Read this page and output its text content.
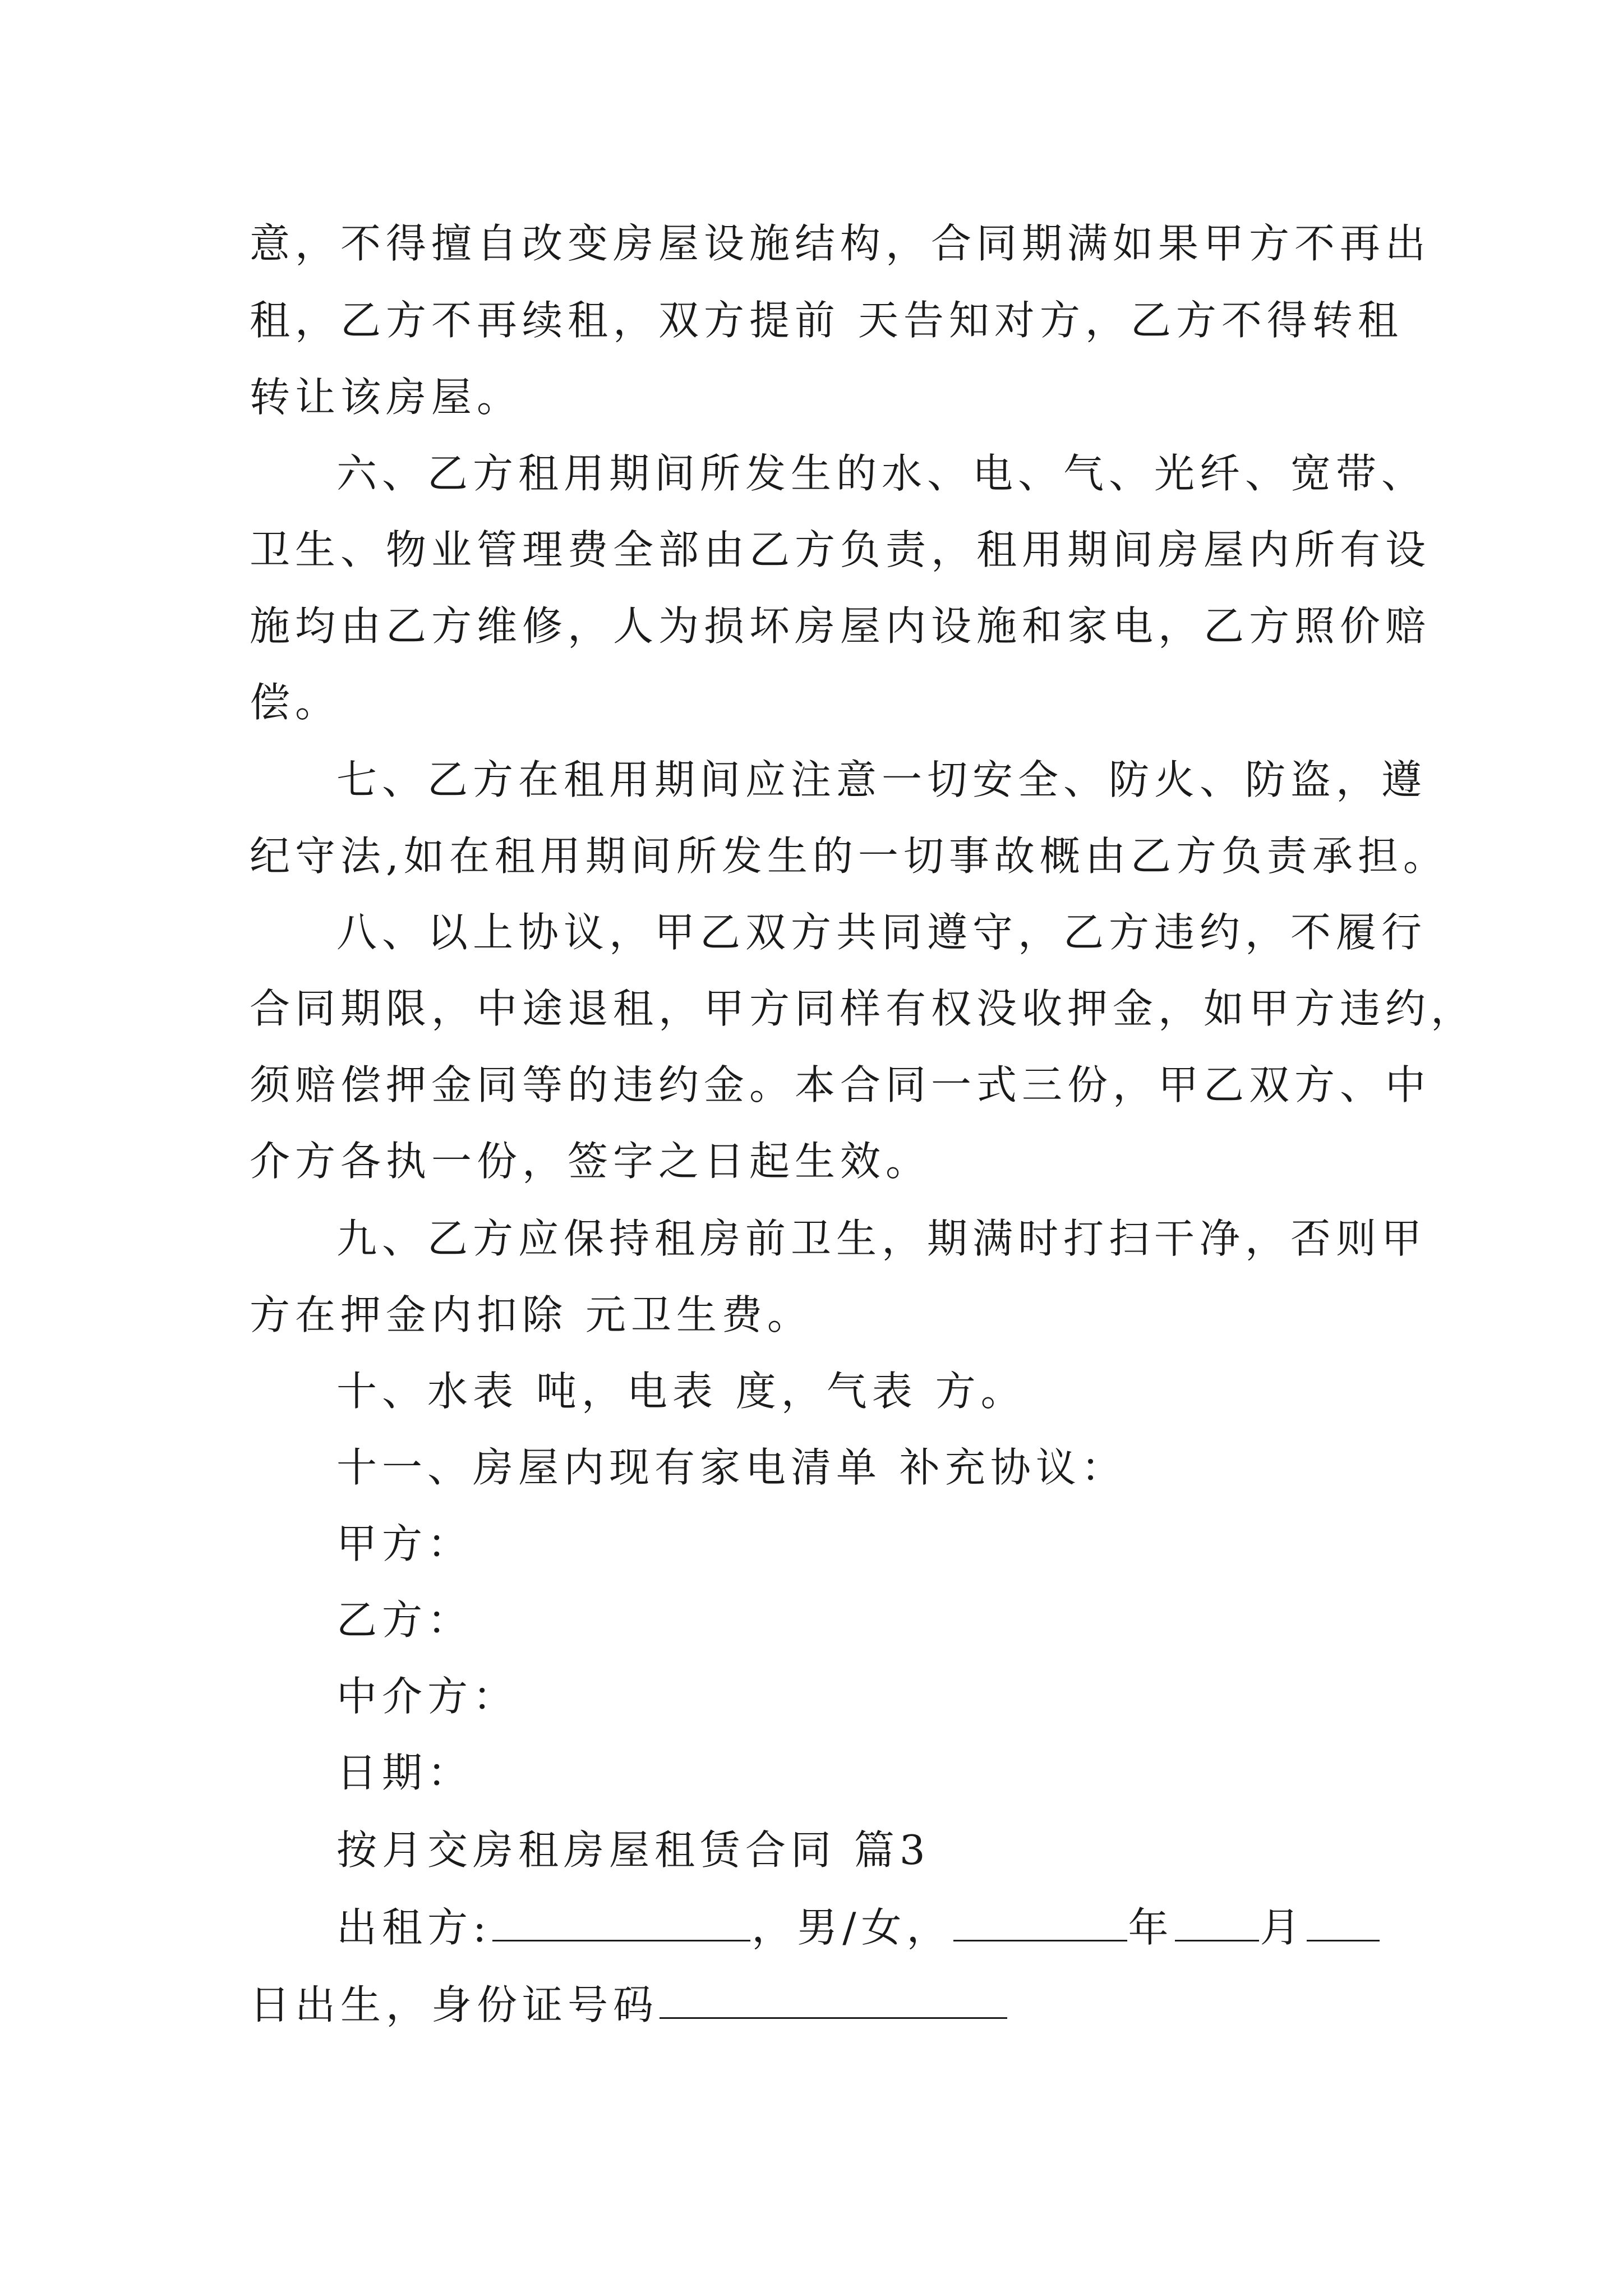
意，不得擅自改变房屋设施结构，合同期满如果甲方不再出
租，乙方不再续租，双方提前 天告知对方，乙方不得转租
转让该房屋。
六、乙方租用期间所发生的水、电、气、光纤、宽带、
卫生、物业管理费全部由乙方负责，租用期间房屋内所有设
施均由乙方维修，人为损坏房屋内设施和家电，乙方照价赔
偿。
七、乙方在租用期间应注意一切安全、防火、防盗，遵
纪守法,如在租用期间所发生的一切事故概由乙方负责承担。
八、以上协议，甲乙双方共同遵守，乙方违约，不履行
合同期限，中途退租，甲方同样有权没收押金，如甲方违约，
须赔偿押金同等的违约金。本合同一式三份，甲乙双方、中
介方各执一份，签字之日起生效。
九、乙方应保持租房前卫生，期满时打扫干净，否则甲
方在押金内扣除 元卫生费。
十、水表 吨，电表 度，气表 方。
十一、房屋内现有家电清单 补充协议：
甲方：
乙方：
中介方：
日期：
按月交房租房屋租赁合同 篇3
出租方:	，男/女，	年 月
日出生，身份证号码
